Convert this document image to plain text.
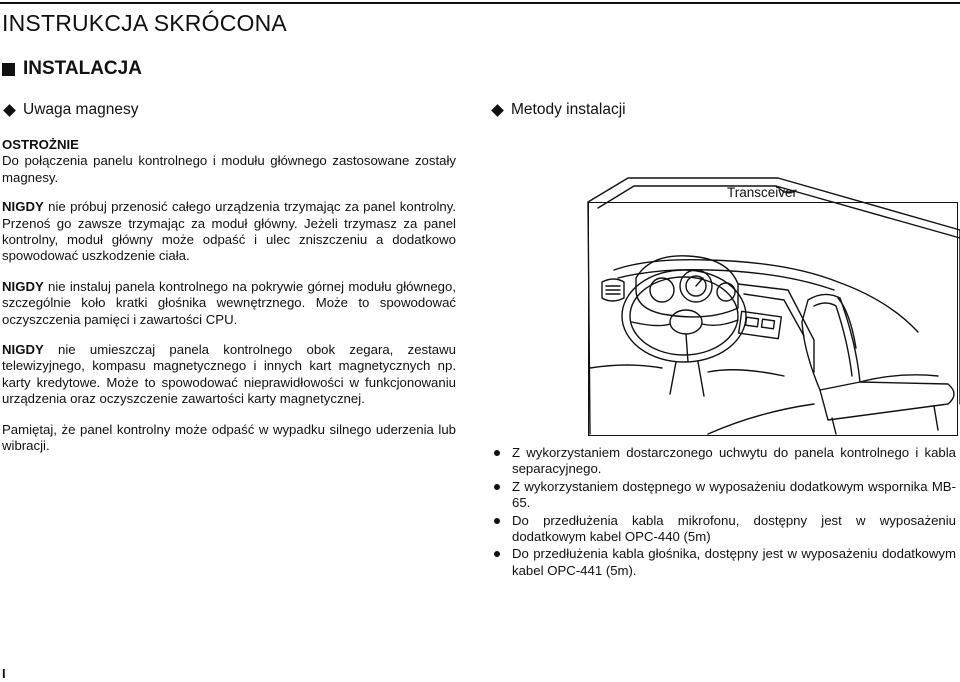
INSTRUKCJA SKRÓCONA
INSTALACJA
Uwaga magnesy	Metody instalacji

OSTROŻNIE

Do połączenia panelu kontrolnego i modułu głównego zastosowane zostały magnesy.

NIGDY nie próbuj przenosić całego urządzenia trzymając za panel kontrolny. Przenoś go zawsze trzymając za moduł główny. Jeżeli trzymasz za panel kontrolny, moduł główny może odpaść i ulec zniszczeniu a dodatkowo spowodować uszkodzenie ciała.

NIGDY nie instaluj panela kontrolnego na pokrywie górnej modułu głównego, szczególnie koło kratki głośnika wewnętrznego. Może to spowodować oczyszczenia pamięci i zawartości CPU.

NIGDY nie umieszczaj panela kontrolnego obok zegara, zestawu telewizyjnego, kompasu magnetycznego i innych kart magnetycznych np. karty kredytowe. Może to spowodować nieprawidłowości w funkcjonowaniu urządzenia oraz oczyszczenie zawartości karty magnetycznej.

Pamiętaj, że panel kontrolny może odpaść w wypadku silnego uderzenia lub wibracji.

Transceiver
Z wykorzystaniem dostarczonego uchwytu do panela kontrolnego i kabla separacyjnego.
Z wykorzystaniem dostępnego w wyposażeniu dodatkowym wspornika MB-65.
Do przedłużenia kabla mikrofonu, dostępny jest w wyposażeniu dodatkowym kabel OPC-440 (5m)
Do przedłużenia kabla głośnika, dostępny jest w wyposażeniu dodatkowym kabel OPC-441 (5m).
I
